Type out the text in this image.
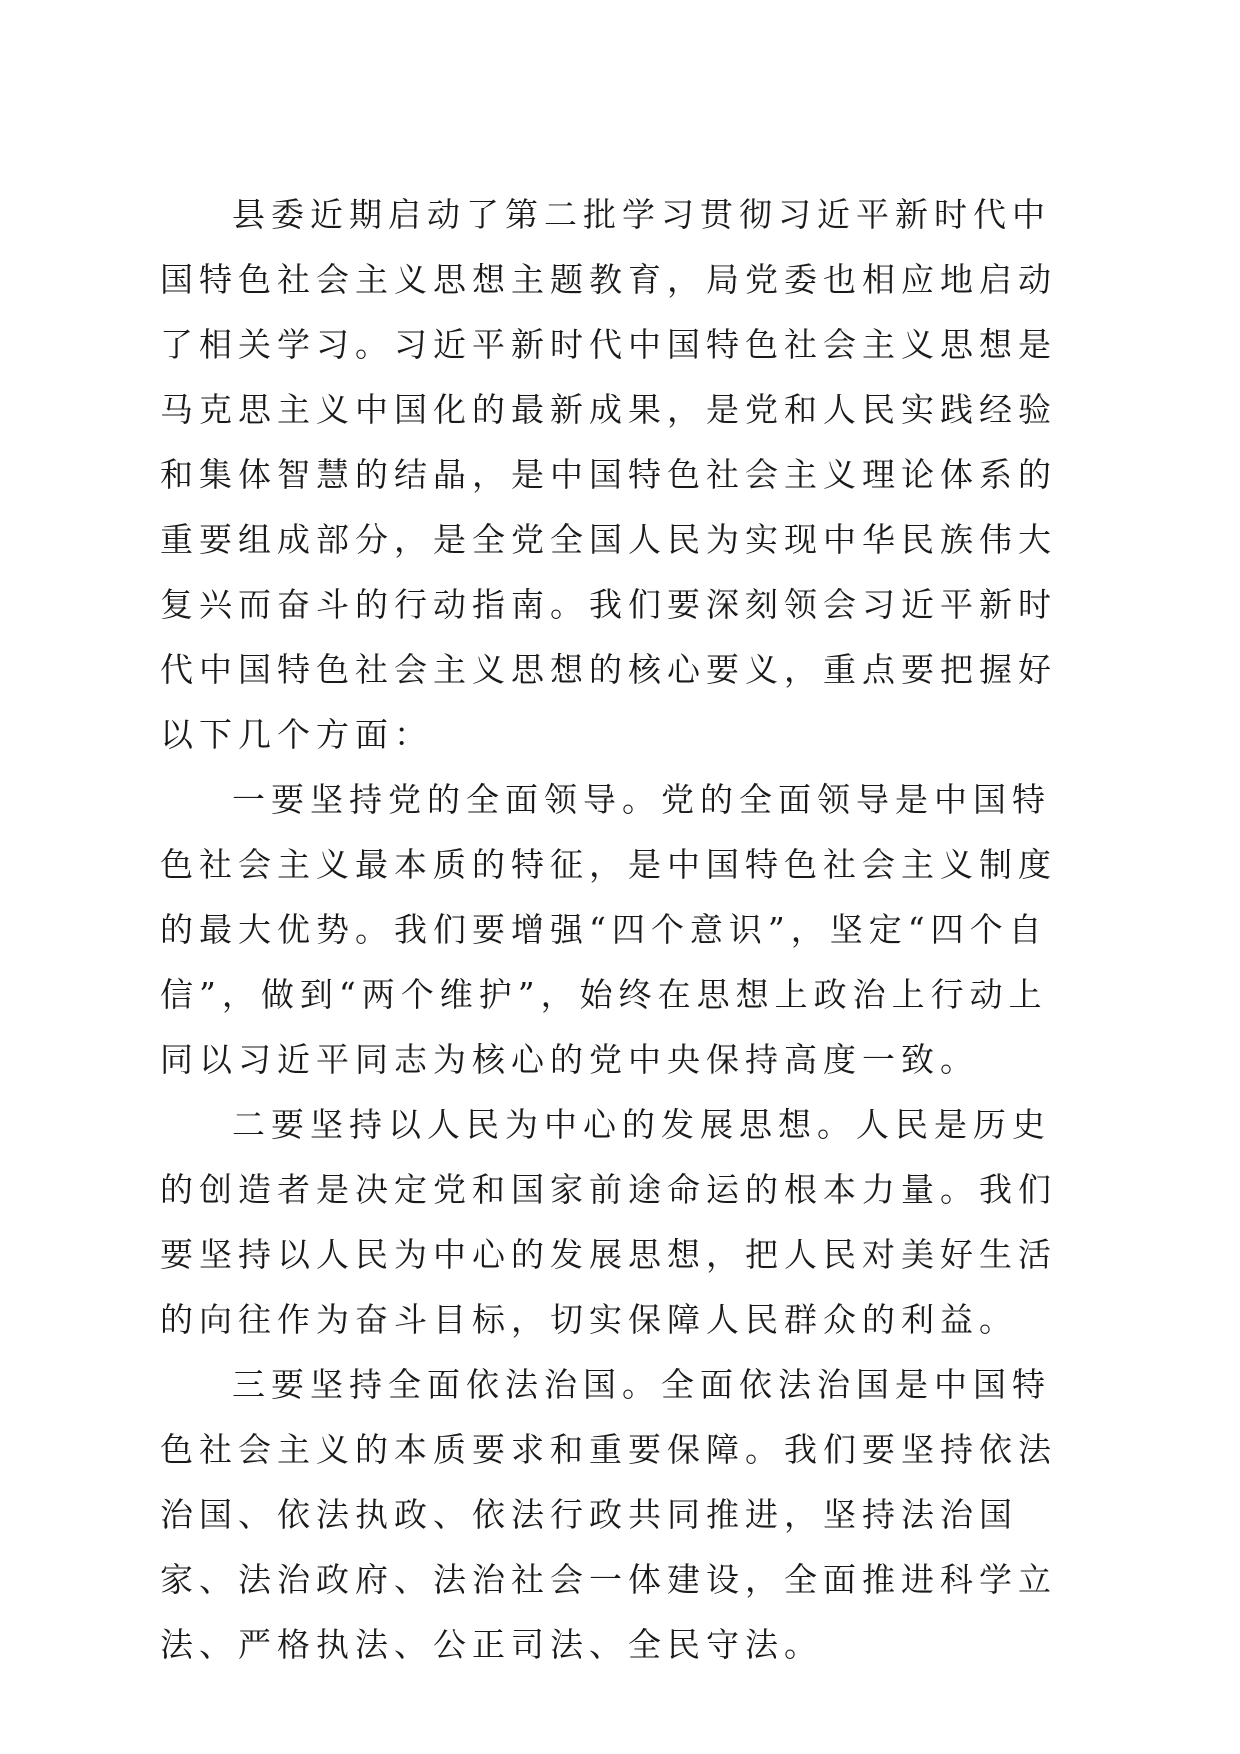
县委近期启动了第二批学习贯彻习近平新时代中国特色社会主义思想主题教育，局党委也相应地启动了相关学习。习近平新时代中国特色社会主义思想是马克思主义中国化的最新成果，是党和人民实践经验和集体智慧的结晶，是中国特色社会主义理论体系的重要组成部分，是全党全国人民为实现中华民族伟大复兴而奋斗的行动指南。我们要深刻领会习近平新时代中国特色社会主义思想的核心要义，重点要把握好以下几个方面：

一要坚持党的全面领导。党的全面领导是中国特色社会主义最本质的特征，是中国特色社会主义制度的最大优势。我们要增强“四个意识”，坚定“四个自信”，做到“两个维护”，始终在思想上政治上行动上同以习近平同志为核心的党中央保持高度一致。

二要坚持以人民为中心的发展思想。人民是历史的创造者是决定党和国家前途命运的根本力量。我们要坚持以人民为中心的发展思想，把人民对美好生活的向往作为奋斗目标，切实保障人民群众的利益。

三要坚持全面依法治国。全面依法治国是中国特色社会主义的本质要求和重要保障。我们要坚持依法治国、依法执政、依法行政共同推进，坚持法治国家、法治政府、法治社会一体建设，全面推进科学立法、严格执法、公正司法、全民守法。
